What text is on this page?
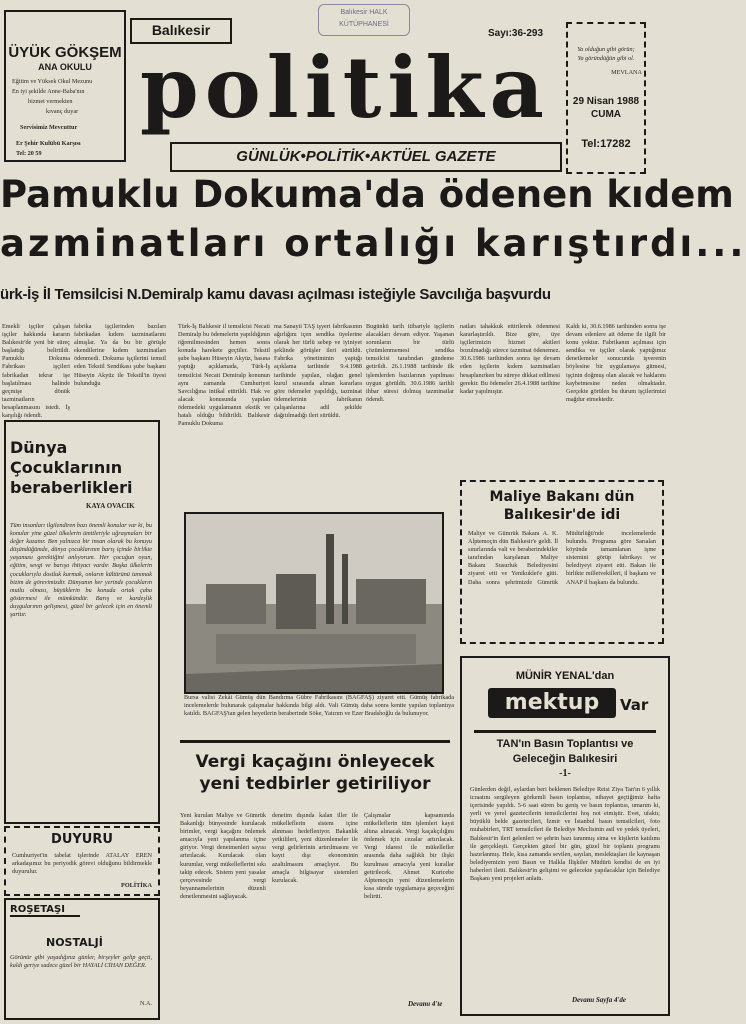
ÜYÜK GÖKŞEM
ANA OKULU
Eğitim ve Yüksek Okul Mezunu
En iyi şekilde Anne-Baba'nın
hizmet vermekten
kıvanç duyar
Servisimiz Mevcuttur
Er Şehir Kulübü Karşısı
Tel: 20 59
Balıkesir
Balıkesir HALK KÜTÜPHANESİ
politika
GÜNLÜK•POLİTİK•AKTÜEL GAZETE
Sayı:36-293
Ya olduğun gibi görün;
Ya göründüğün gibi ol.
MEVLANA
29 Nisan 1988
CUMA
Tel:17282
Pamuklu Dokuma'da ödenen kıdem
azminatları ortalığı karıştırdı...
ürk-İş İl Temsilcisi N.Demiralp kamu davası açılması isteğiyle Savcılığa başvurdu
Emekli işçiler çalışan işçiler hakkında kararın Balıkesir'de yeni bir süreç başlattığı belirtildi. Pamuklu Dokuma Fabrikası işçileri fabrikadan tekrar işe başlatılması halinde geçmişe dönük tazminatların hesaplanmasını istedi. İş karşılığı ödendi.
fabrika işçilerinden bazıları fabrikadan kıdem tazminatlarını almışlar. Ya da bu bir görüşle ekendilerine kıdem tazminatları ödenmedi. Dokuma işçilerini temsil eden Tekstil Sendikası şube başkanı Hüseyin Akyüz ile Tekstil'in üyesi bulunduğu
Türk-İş Balıkesir il temsilcisi Necati Demiralp bu ödemelerin yapıldığının öğrenilmesinden hemen sonra konuda harekete geçtiler. Tekstil şube başkanı Hüseyin Akyüz, basına yaptığı açıklamada, Türk-İş temsilcisi Necati Demiralp konunun aynı zamanda Cumhuriyet Savcılığına intikal ettirildi. Hak ve alacak konusunda yapılan ödemedeki uygulamanın ekstik ve hatalı olduğu bildirildi. Balıkesir Pamuklu Dokuma
ma Sanayii TAŞ işyeri fabrikasının ağırlığını içen sendika üyelerine olarak her türlü sebep ve iyiniyet şeklinde görüşler ileri sürüldü. Fabrika yönetiminin yaptığı açıklama tarihinde 9.4.1988 tarihinde yapılan, olağan genel kurul sırasında alınan kararlara göre ödemeler yapıldığı, tazminat ödemelerinin fabrikanın çalışanlarına adil şekilde dağıtılmadığı ileri sürüldü.
Bugünkü tarih itibariyle işçilerin alacakları devam ediyor. Yaşanan sorunların bir türlü çözümlenmemesi sendika temsilcisi tarafından gündeme getirildi. 26.1.1988 tarihinde ilk işlemlerden bazılarının yapılması uygun görüldü. 30.6.1986 tarihli ihbar süresi dolmuş tazminatlar ödendi.
natları tahakkuk ettirilerek ödenmesi kararlaştırıldı. Bize göre, üye işçilerimizin hizmet akitleri bozulmadığı sürece tazminat ödenemez. 30.6.1986 tarihinden sonra işe devam eden işçilerin kıdem tazminatları hesaplanırken bu süreye dikkat edilmesi gerekir. Bu ödemeler 26.4.1988 tarihine kadar yapılmıştır.
Kaldı ki, 30.6.1986 tarihinden sonra işe devam edenlere ait ödeme ile ilgili bir konu yoktur. Fabrikanın açılması için sendika ve işçiler olarak yaptığımız denetlemeler sonucunda işverenin böylesine bir uygulamaya gitmesi, işçinin doğmuş olan alacak ve haklarını kaybetmesine neden olmaktadır. Gerçekte görülen bu durum işçilerimizi mağdur etmektedir.
Dünya
Çocuklarının
beraberlikleri
KAYA OVACIK
Tüm insanları ilgilendiren bazı önemli konular var ki, bu konular yine güzel ülkelerin ümitleriyle uğraşmaları bir değer kazanır. Ben yalnızca bir insan olarak bu konuyu düşündüğümde, dünya çocuklarının barış içinde birlikte yaşaması gerektiğini anlıyorum. Her çocuğun oyun, eğitim, sevgi ve barışa ihtiyacı vardır. Başka ülkelerin çocuklarıyla dostluk kurmak, onların kültürünü tanımak bizim de görevimizdir. Dünyanın her yerinde çocukların mutlu olması, büyüklerin bu konuda ortak çaba göstermesi ile mümkündür. Barış ve kardeşlik duygularının gelişmesi, güzel bir gelecek için en önemli şarttır.
Bursa valisi Zekâi Gümüş dün Bandırma Gübre Fabrikasını (BAGFAŞ) ziyaret etti. Gümüş fabrikada incelemelerde bulunarak çalışmalar hakkında bilgi aldı. Vali Gümüş daha sonra kentte yapılan toplantıya katıldı. BAGFAŞ'tan gelen heyetlerin beraberinde Söke, Yatırım ve Ezer Bradshoğlu da bulunuyor.
Maliye Bakanı dün Balıkesir'de idi
Maliye ve Gümrük Bakanı A. K. Alptemoçin dün Balıkesir'e geldi. İl sınırlarında vali ve beraberindekiler tarafından karşılanan Maliye Bakanı Susurluk Belediyesini ziyaret etti ve Yenikuklet'e gitti. Daha sonra şehrimizde Gümrük Müdürlüğü'nde incelemelerde bulundu. Programa göre Sarıalan köyünde tamamlanan işme sistemini görüp fabrikayı ve belediyeyi ziyaret etti. Bakan ile birlikte milletvekilleri, il başkanı ve ANAP il başkanı da bulundu.
Vergi kaçağını önleyecek
yeni tedbirler getiriliyor
Yeni kurulan Maliye ve Gümrük Bakanlığı bünyesinde kurulacak birimler, vergi kaçağını önlemek amacıyla yeni yapılanma içine giriyor. Vergi denetmenleri sayısı artırılacak. Kurulacak olan kurumlar, vergi mükelleflerini sıkı takip edecek. Sistem yeni yasalar çerçevesinde vergi beyannamelerinin düzenli denetlenmesini sağlayacak.
denetim dışında kalan iller ile mükelleflerin sistem içine alınması hedefleniyor. Bakanlık yetkilileri, yeni düzenlemeler ile vergi gelirlerinin artırılmasını ve kayıt dışı ekonominin azaltılmasını amaçlıyor. Bu amaçla bilgisayar sistemleri kurulacak.
Çalışmalar kapsamında mükelleflerin tüm işlemleri kayıt altına alınacak. Vergi kaçakçılığını önlemek için cezalar artırılacak. Vergi idaresi ile mükellefler arasında daha sağlıklı bir ilişki kurulması amacıyla yeni kurallar getirilecek. Ahmet Kurtcebe Alptemoçin yeni düzenlemelerin kısa sürede uygulamaya geçeceğini belirtti.
Devamı 4'te
DUYURU
Cumhuriyet'in tabelat işlerinde ATALAY EREN arkadaşımız bu periyodik görevi olduğunu bildirmekle duyurulur.
POLİTİKA
ROŞETAŞI
NOSTALJİ
Görünür gibi yaşadığınız günler, birşeyler gelip geçti, kaldı geriye sadece güzel bir HAYALİ CİHAN DEĞER.
N.A.
MÜNİR YENAL'dan
mektup	Var
TAN'ın Basın Toplantısı ve
Geleceğin Balıkesiri
-1-
Günlerden değil, aylardan beri beklenen Belediye Reisi Ziya Tan'ın 6 yıllık icraatını sergileyen görkemli basın toplantısı, nihayet geçtiğimiz hafta içerisinde yapıldı. 5-6 saat süren bu geniş ve basın toplantısı, umarım ki, yerli ve yerel gazetecilerin temsilcilerini hoş not etmiştir. Evet, ufaktı; büyüklü belde gazetecileri, İzmir ve İstanbul basın temsilcileri, foto muhabirleri, TRT temsilcileri ile Belediye Meclisinin asil ve yedek üyeleri, Balıkesir'in ileri gelenleri ve şehrin bazı tanınmış sima ve kişilerin katılımı ile gerçekleşti. Gerçekten güzel bir gün, güzel bir toplantı programı hazırlanmış. Hele, kısa zamanda sevilen, sayılan, meslektaşları ile kaynaşan belediyemizin yeni Basın ve Halkla İlişkiler Müdürü kendisi de en iyi haberleri iletti. Balıkesir'in gelişimi ve gelecekte yapılacaklar için Belediye Başkanı yeni projeleri anlattı.
Devamı Sayfa 4'de
